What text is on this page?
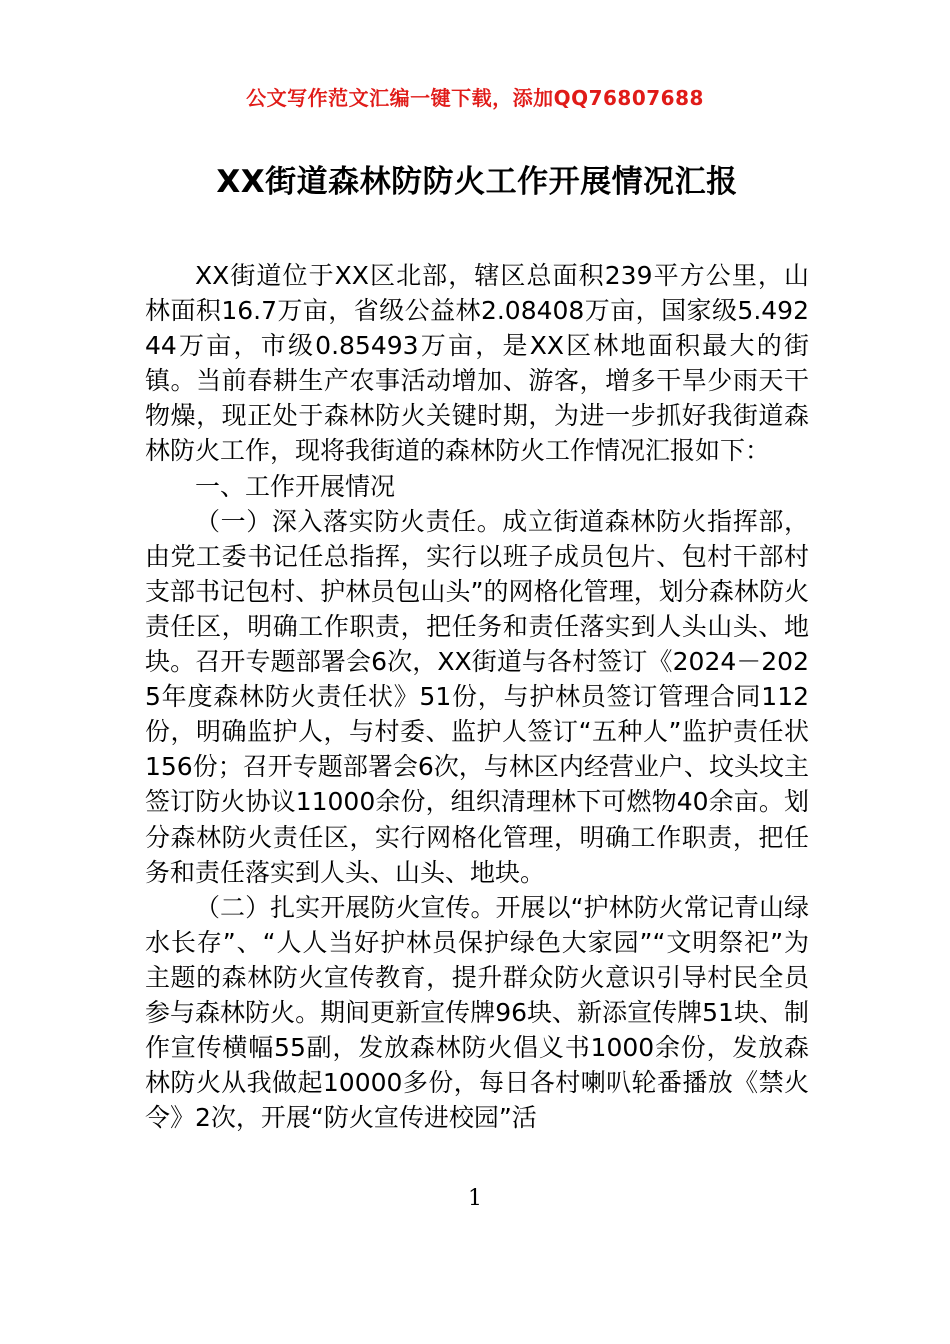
公文写作范文汇编一键下载，添加QQ76807688
XX街道森林防防火工作开展情况汇报

XX街道位于XX区北部，辖区总面积239平方公里，山林面积16.7万亩，省级公益林2.08408万亩，国家级5.49244万亩，市级0.85493万亩，是XX区林地面积最大的街镇。当前春耕生产农事活动增加、游客，增多干旱少雨天干物燥，现正处于森林防火关键时期，为进一步抓好我街道森林防火工作，现将我街道的森林防火工作情况汇报如下：

一、工作开展情况

（一）深入落实防火责任。成立街道森林防火指挥部，由党工委书记任总指挥，实行以班子成员包片、包村干部村支部书记包村、护林员包山头”的网格化管理，划分森林防火责任区，明确工作职责，把任务和责任落实到人头山头、地块。召开专题部署会6次，XX街道与各村签订《2024－2025年度森林防火责任状》51份，与护林员签订管理合同112份，明确监护人，与村委、监护人签订“五种人”监护责任状156份；召开专题部署会6次，与林区内经营业户、坟头坟主签订防火协议11000余份，组织清理林下可燃物40余亩。划分森林防火责任区，实行网格化管理，明确工作职责，把任务和责任落实到人头、山头、地块。

（二）扎实开展防火宣传。开展以“护林防火常记青山绿水长存”、“人人当好护林员保护绿色大家园”“文明祭祀”为主题的森林防火宣传教育，提升群众防火意识引导村民全员参与森林防火。期间更新宣传牌96块、新添宣传牌51块、制作宣传横幅55副，发放森林防火倡义书1000余份，发放森林防火从我做起10000多份，每日各村喇叭轮番播放《禁火令》2次，开展“防火宣传进校园”活

1
